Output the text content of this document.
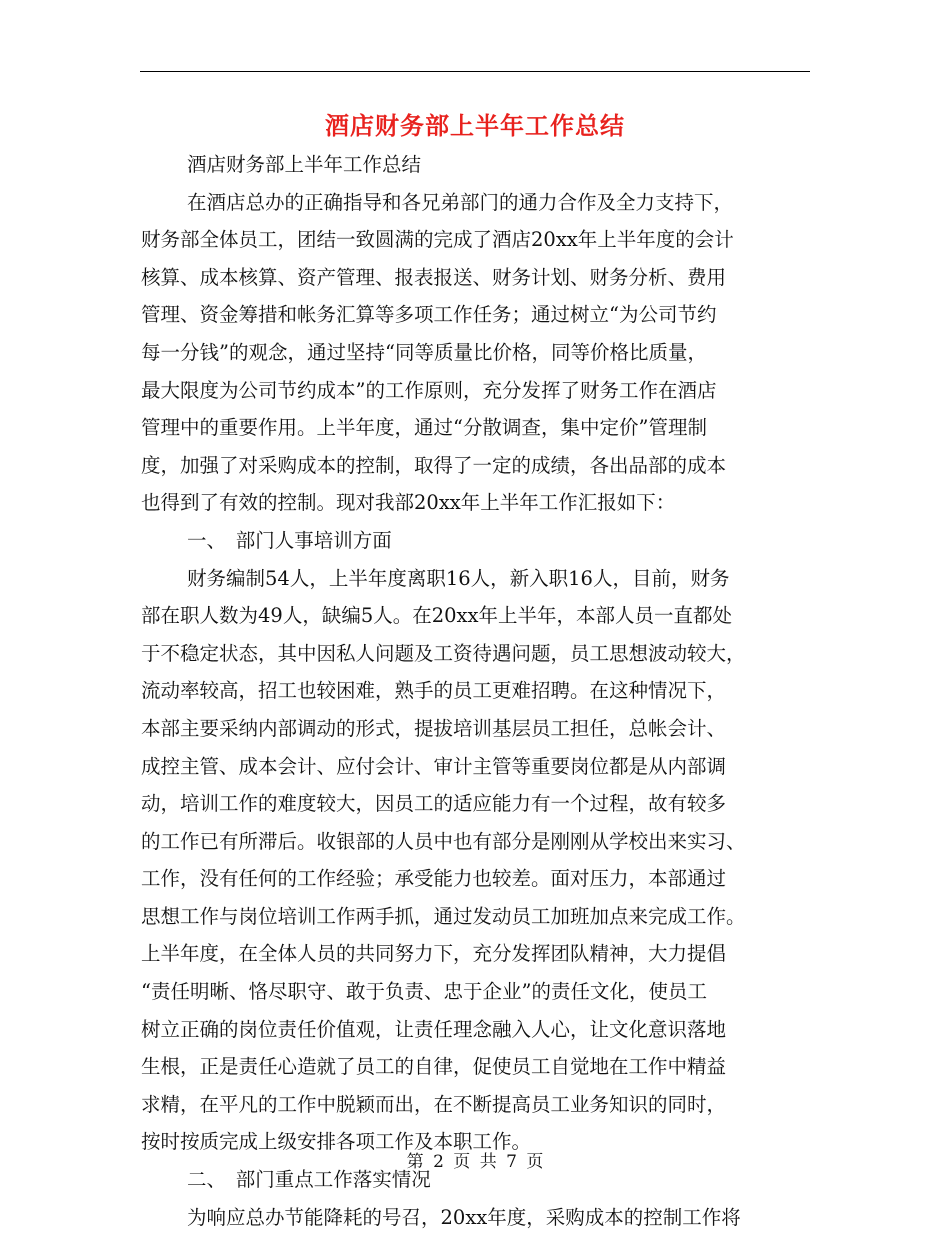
酒店财务部上半年工作总结
酒店财务部上半年工作总结
在酒店总办的正确指导和各兄弟部门的通力合作及全力支持下，
财务部全体员工，团结一致圆满的完成了酒店20xx年上半年度的会计
核算、成本核算、资产管理、报表报送、财务计划、财务分析、费用
管理、资金筹措和帐务汇算等多项工作任务；通过树立“为公司节约
每一分钱”的观念，通过坚持“同等质量比价格，同等价格比质量，
最大限度为公司节约成本”的工作原则，充分发挥了财务工作在酒店
管理中的重要作用。上半年度，通过“分散调查，集中定价”管理制
度，加强了对采购成本的控制，取得了一定的成绩，各出品部的成本
也得到了有效的控制。现对我部20xx年上半年工作汇报如下：
一、　部门人事培训方面
财务编制54人，上半年度离职16人，新入职16人，目前，财务
部在职人数为49人，缺编5人。在20xx年上半年，本部人员一直都处
于不稳定状态，其中因私人问题及工资待遇问题，员工思想波动较大，
流动率较高，招工也较困难，熟手的员工更难招聘。在这种情况下，
本部主要采纳内部调动的形式，提拔培训基层员工担任，总帐会计、
成控主管、成本会计、应付会计、审计主管等重要岗位都是从内部调
动，培训工作的难度较大，因员工的适应能力有一个过程，故有较多
的工作已有所滞后。收银部的人员中也有部分是刚刚从学校出来实习、
工作，没有任何的工作经验；承受能力也较差。面对压力，本部通过
思想工作与岗位培训工作两手抓，通过发动员工加班加点来完成工作。
上半年度，在全体人员的共同努力下，充分发挥团队精神，大力提倡
“责任明晰、恪尽职守、敢于负责、忠于企业”的责任文化，使员工
树立正确的岗位责任价值观，让责任理念融入人心，让文化意识落地
生根，正是责任心造就了员工的自律，促使员工自觉地在工作中精益
求精，在平凡的工作中脱颖而出，在不断提高员工业务知识的同时，
按时按质完成上级安排各项工作及本职工作。
二、　部门重点工作落实情况
为响应总办节能降耗的号召，20xx年度，采购成本的控制工作将
第 2 页 共 7 页
